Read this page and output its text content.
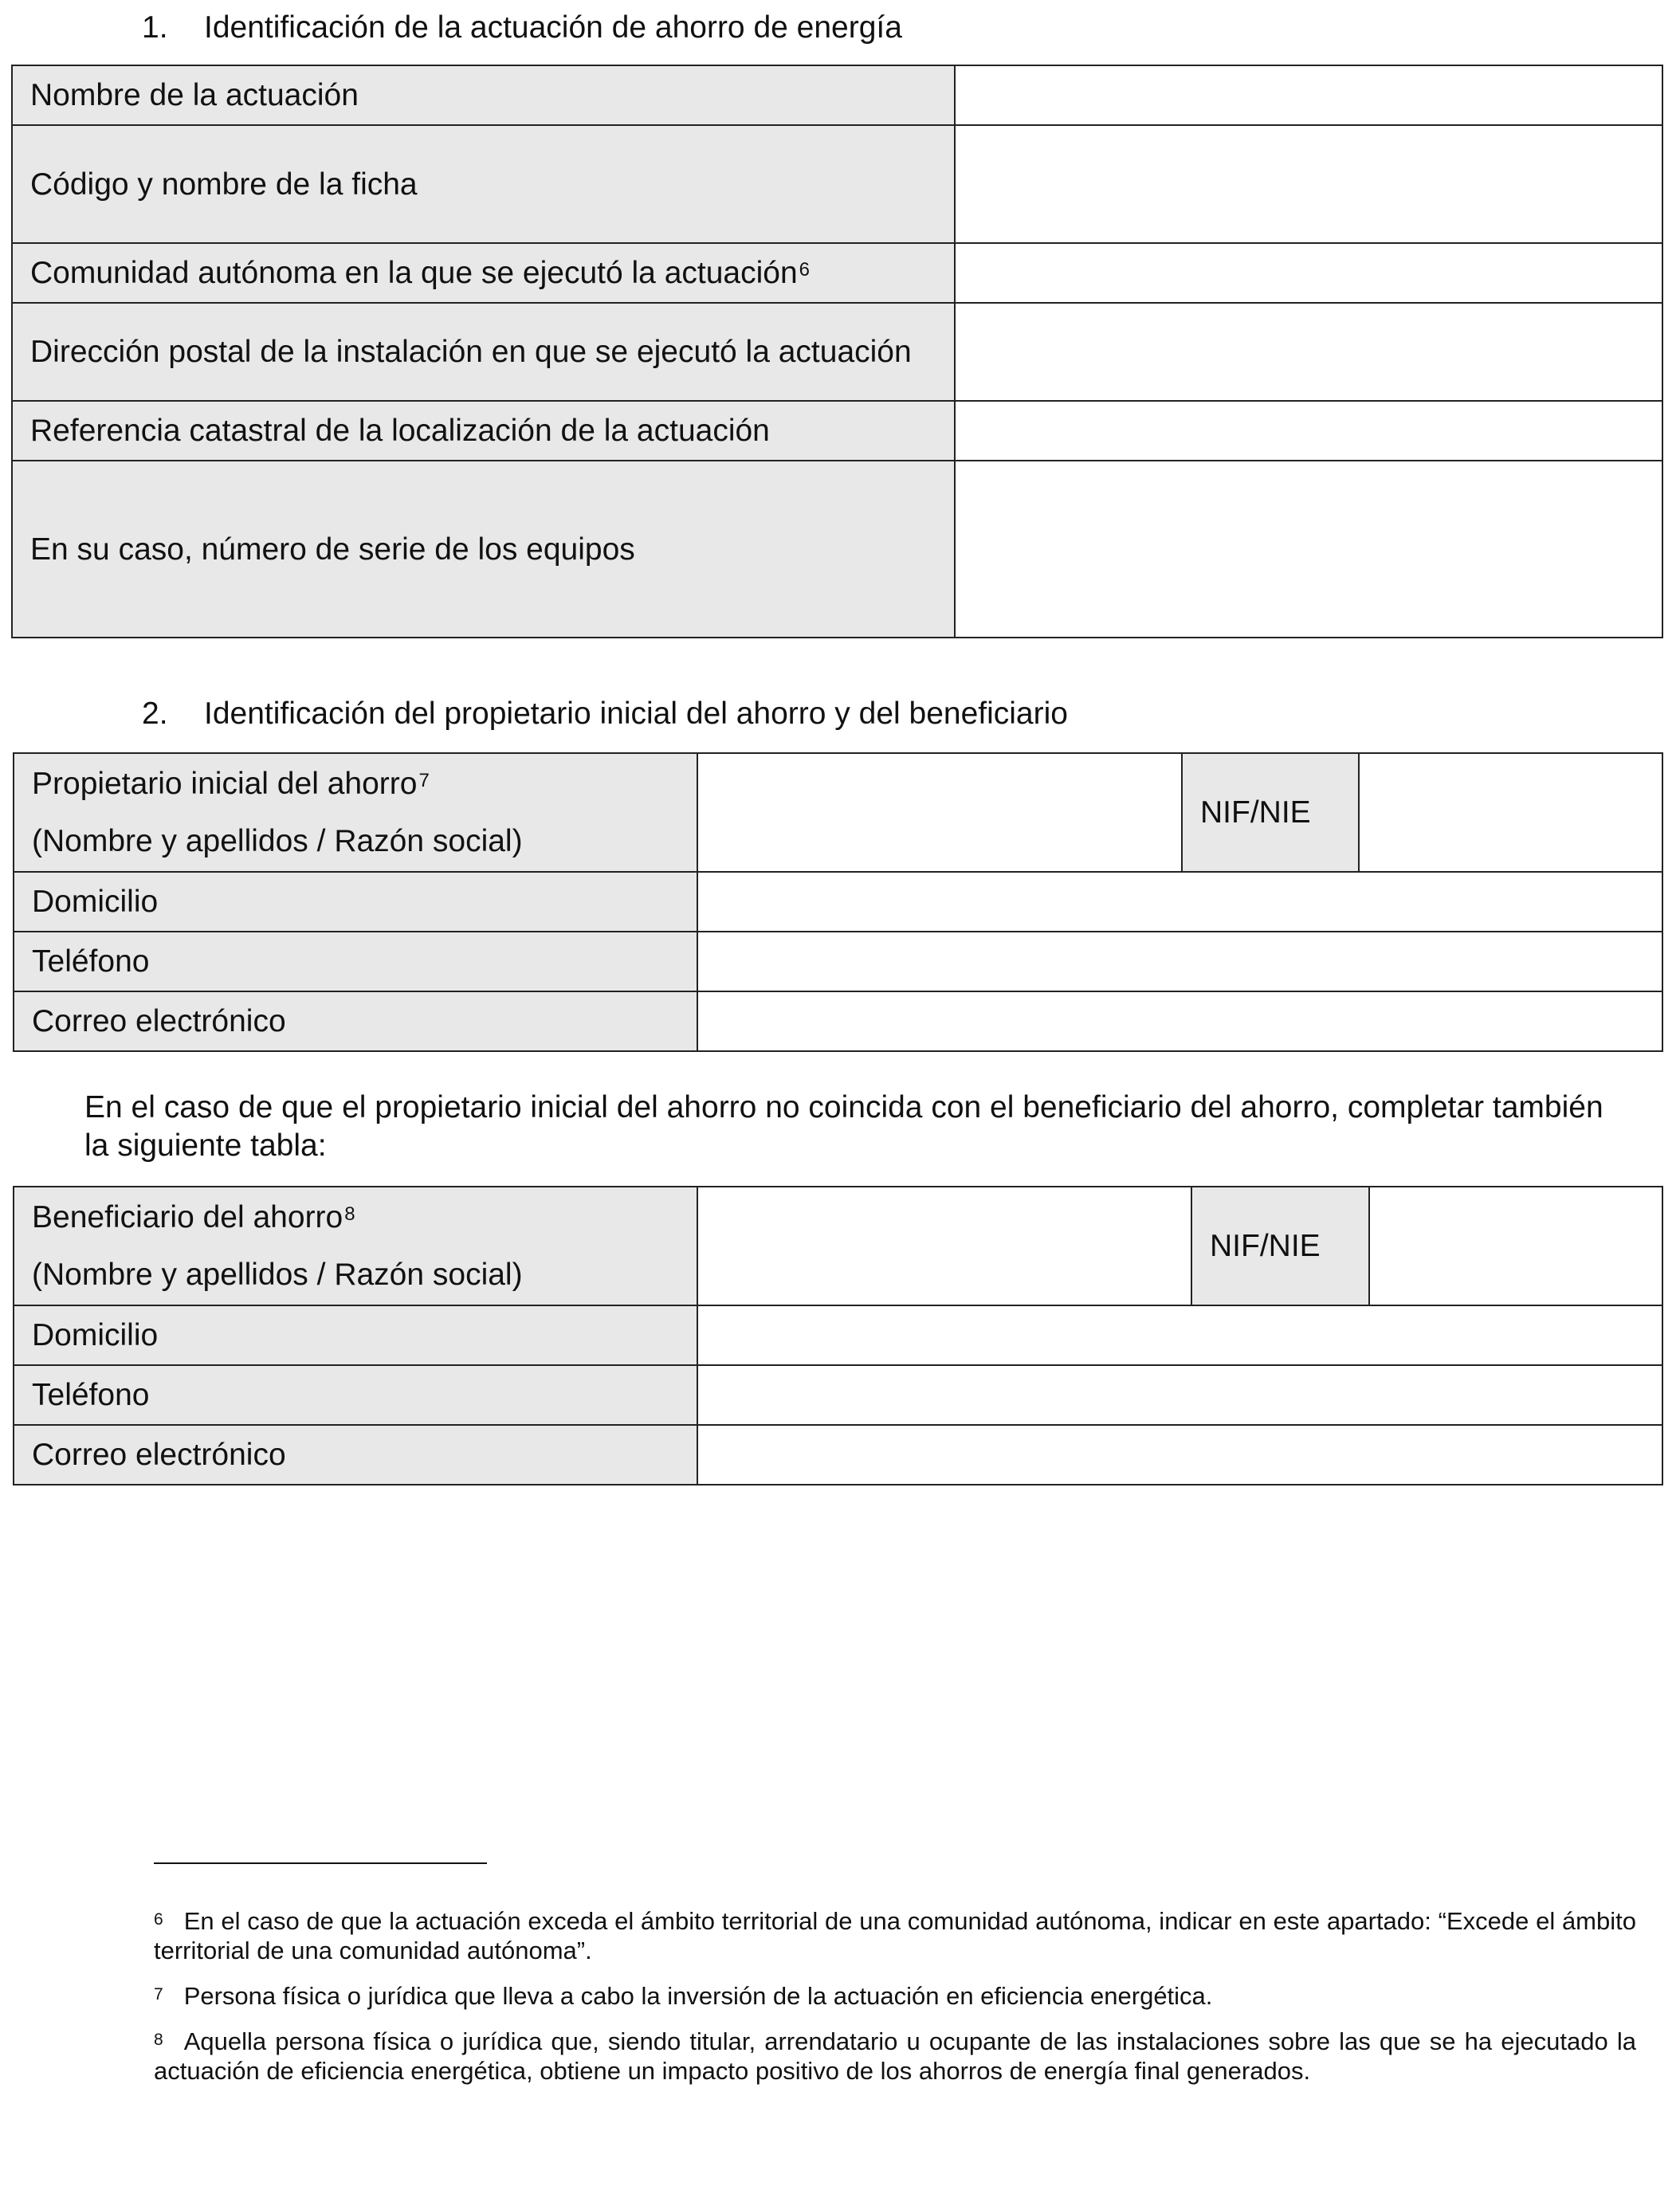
1.	Identificación de la actuación de ahorro de energía
Nombre de la actuación	
Código y nombre de la ficha	
Comunidad autónoma en la que se ejecutó la actuación$^6$	
Dirección postal de la instalación en que se ejecutó la actuación	
Referencia catastral de la localización de la actuación	
En su caso, número de serie de los equipos	
2.	Identificación del propietario inicial del ahorro y del beneficiario
Propietario inicial del ahorro$^7$
(Nombre y apellidos / Razón social)		NIF/NIE	
Domicilio			
Teléfono			
Correo electrónico			
En el caso de que el propietario inicial del ahorro no coincida con el beneficiario del ahorro, completar también la siguiente tabla:
Beneficiario del ahorro$^8$
(Nombre y apellidos / Razón social)		NIF/NIE	
Domicilio			
Teléfono			
Correo electrónico			

$^6$ En el caso de que la actuación exceda el ámbito territorial de una comunidad autónoma, indicar en este apartado: “Excede el ámbito territorial de una comunidad autónoma”.

$^7$ Persona física o jurídica que lleva a cabo la inversión de la actuación en eficiencia energética.

$^8$ Aquella persona física o jurídica que, siendo titular, arrendatario u ocupante de las instalaciones sobre las que se ha ejecutado la actuación de eficiencia energética, obtiene un impacto positivo de los ahorros de energía final generados.
